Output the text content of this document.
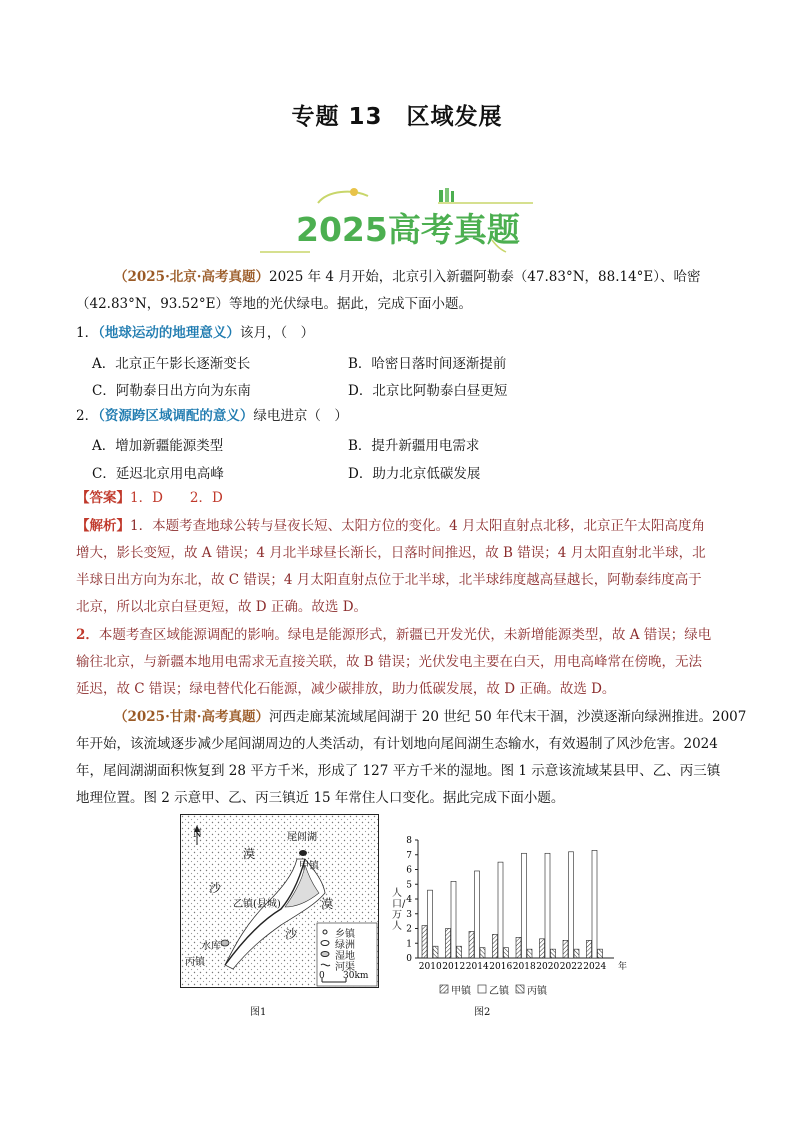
专题 13　区域发展
2025高考真题
（2025·北京·高考真题）2025 年 4 月开始，北京引入新疆阿勒泰（47.83°N，88.14°E）、哈密
（42.83°N，93.52°E）等地的光伏绿电。据此，完成下面小题。
1．（地球运动的地理意义）该月，（　）
A．北京正午影长逐渐变长	B．哈密日落时间逐渐提前
C．阿勒泰日出方向为东南	D．北京比阿勒泰白昼更短
2．（资源跨区域调配的意义）绿电进京（　）
A．增加新疆能源类型	B．提升新疆用电需求
C．延迟北京用电高峰	D．助力北京低碳发展
【答案】1．D　　2．D
【解析】1．本题考查地球公转与昼夜长短、太阳方位的变化。4 月太阳直射点北移，北京正午太阳高度角
增大，影长变短，故 A 错误；4 月北半球昼长渐长，日落时间推迟，故 B 错误；4 月太阳直射北半球，北
半球日出方向为东北，故 C 错误；4 月太阳直射点位于北半球，北半球纬度越高昼越长，阿勒泰纬度高于
北京，所以北京白昼更短，故 D 正确。故选 D。
2．本题考查区域能源调配的影响。绿电是能源形式，新疆已开发光伏，未新增能源类型，故 A 错误；绿电
输往北京，与新疆本地用电需求无直接关联，故 B 错误；光伏发电主要在白天，用电高峰常在傍晚，无法
延迟，故 C 错误；绿电替代化石能源，减少碳排放，助力低碳发展，故 D 正确。故选 D。
（2025·甘肃·高考真题）河西走廊某流域尾闾湖于 20 世纪 50 年代末干涸，沙漠逐渐向绿洲推进。2007
年开始，该流域逐步减少尾闾湖周边的人类活动，有计划地向尾闾湖生态输水，有效遏制了风沙危害。2024
年，尾闾湖湖面积恢复到 28 平方千米，形成了 127 平方千米的湿地。图 1 示意该流域某县甲、乙、丙三镇
地理位置。图 2 示意甲、乙、丙三镇近 15 年常住人口变化。据此完成下面小题。
N	尾闾湖
甲镇
乙镇(县城)
丙镇
水库
漠
沙
漠
沙	乡镇
绿洲
湿地
河渠
0 30km
图1
0
1
2
3
4
5
6
7
8
2010 2012 2014 2016 2018 2020 2022 2024 年
人口/万人
甲镇 乙镇 丙镇
图2
